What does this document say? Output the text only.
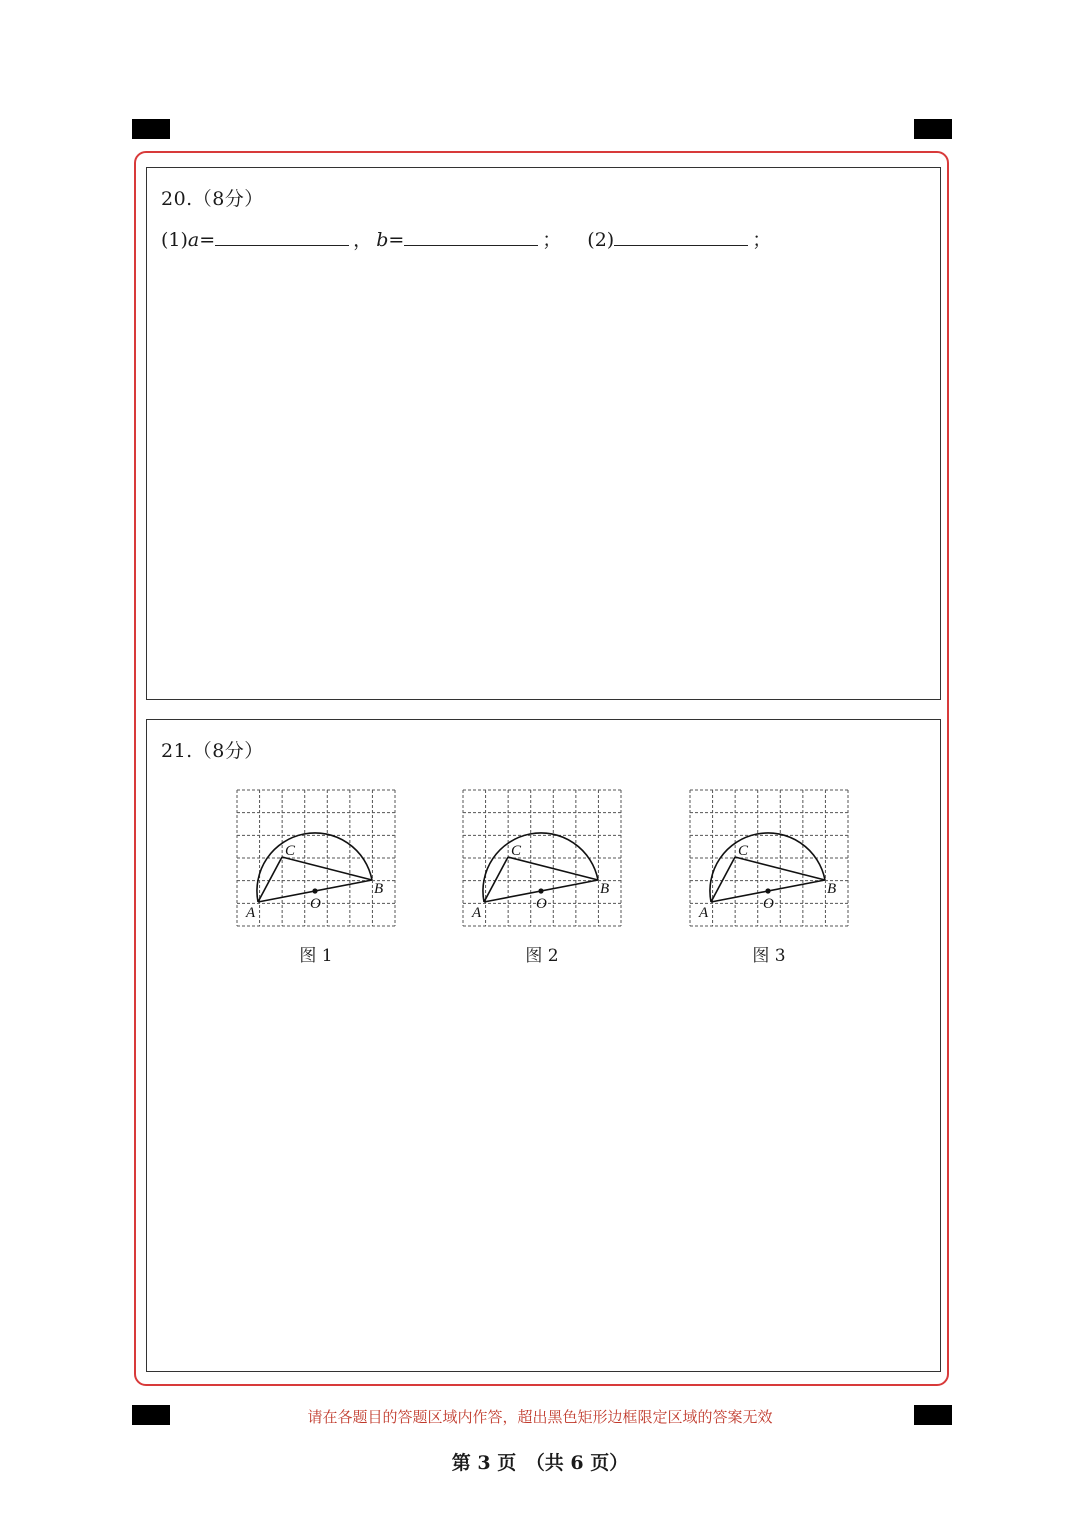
20.（8分）
(1)a=	， b=	； (2)	；
21.（8分）
A
B
C
O
图 1
A
B
C
O
图 2
A
B
C
O
图 3
请在各题目的答题区域内作答，超出黑色矩形边框限定区域的答案无效
第 3 页　（共 6 页）
